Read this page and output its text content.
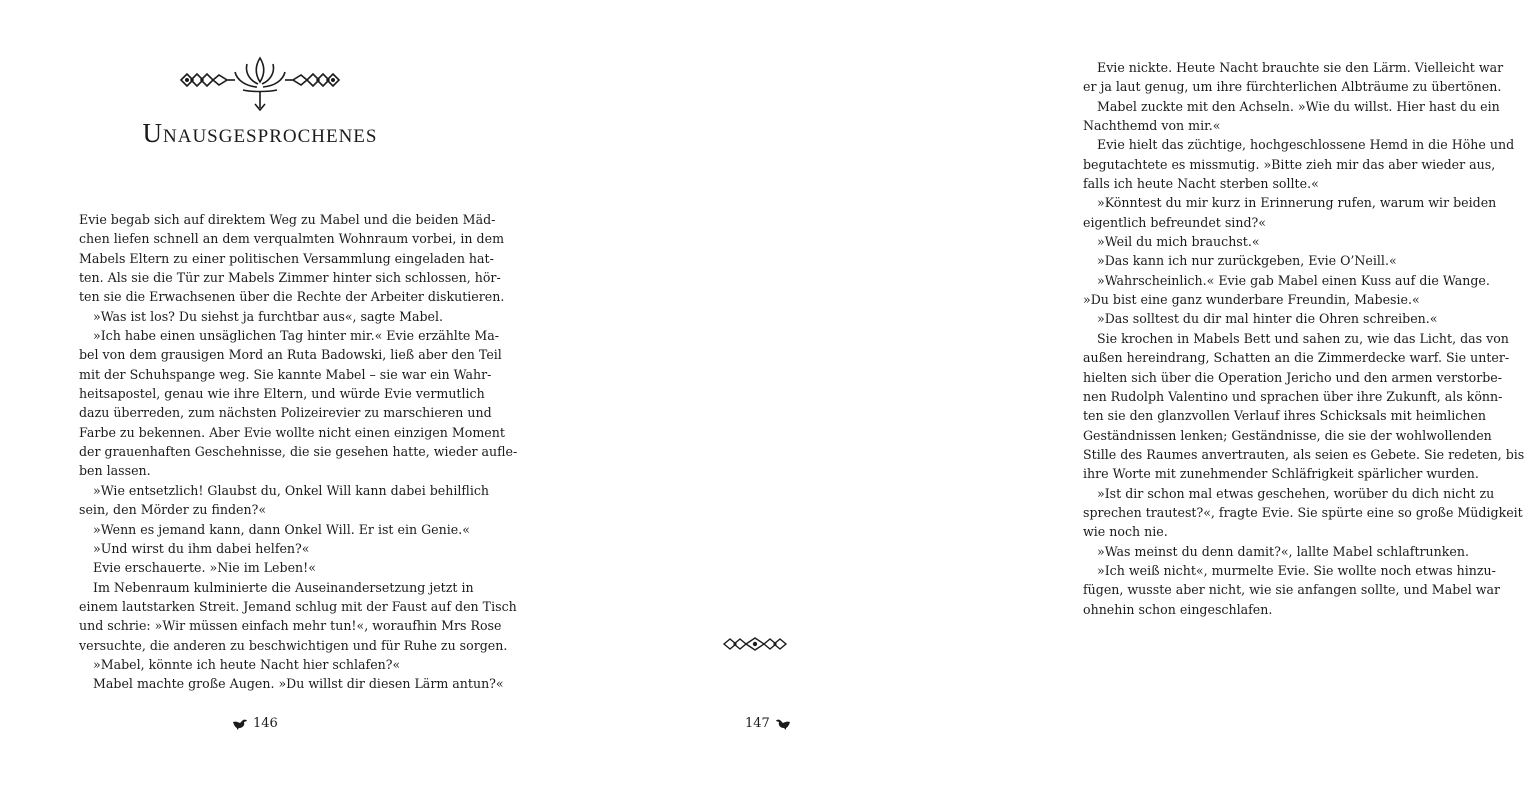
Unausgesprochenes
Evie begab sich auf direktem Weg zu Mabel und die beiden Mäd-
chen liefen schnell an dem verqualmten Wohnraum vorbei, in dem
Mabels Eltern zu einer politischen Versammlung eingeladen hat-
ten. Als sie die Tür zur Mabels Zimmer hinter sich schlossen, hör-
ten sie die Erwachsenen über die Rechte der Arbeiter diskutieren.
»Was ist los? Du siehst ja furchtbar aus«, sagte Mabel.
»Ich habe einen unsäglichen Tag hinter mir.« Evie erzählte Ma-
bel von dem grausigen Mord an Ruta Badowski, ließ aber den Teil
mit der Schuhspange weg. Sie kannte Mabel – sie war ein Wahr-
heitsapostel, genau wie ihre Eltern, und würde Evie vermutlich
dazu überreden, zum nächsten Polizeirevier zu marschieren und
Farbe zu bekennen. Aber Evie wollte nicht einen einzigen Moment
der grauenhaften Geschehnisse, die sie gesehen hatte, wieder aufle-
ben lassen.
»Wie entsetzlich! Glaubst du, Onkel Will kann dabei behilflich
sein, den Mörder zu finden?«
»Wenn es jemand kann, dann Onkel Will. Er ist ein Genie.«
»Und wirst du ihm dabei helfen?«
Evie erschauerte. »Nie im Leben!«
Im Nebenraum kulminierte die Auseinandersetzung jetzt in
einem lautstarken Streit. Jemand schlug mit der Faust auf den Tisch
und schrie: »Wir müssen einfach mehr tun!«, woraufhin Mrs Rose
versuchte, die anderen zu beschwichtigen und für Ruhe zu sorgen.
»Mabel, könnte ich heute Nacht hier schlafen?«
Mabel machte große Augen. »Du willst dir diesen Lärm antun?«
146
Evie nickte. Heute Nacht brauchte sie den Lärm. Vielleicht war
er ja laut genug, um ihre fürchterlichen Albträume zu übertönen.
Mabel zuckte mit den Achseln. »Wie du willst. Hier hast du ein
Nachthemd von mir.«
Evie hielt das züchtige, hochgeschlossene Hemd in die Höhe und
begutachtete es missmutig. »Bitte zieh mir das aber wieder aus,
falls ich heute Nacht sterben sollte.«
»Könntest du mir kurz in Erinnerung rufen, warum wir beiden
eigentlich befreundet sind?«
»Weil du mich brauchst.«
»Das kann ich nur zurückgeben, Evie O’Neill.«
»Wahrscheinlich.« Evie gab Mabel einen Kuss auf die Wange.
»Du bist eine ganz wunderbare Freundin, Mabesie.«
»Das solltest du dir mal hinter die Ohren schreiben.«
Sie krochen in Mabels Bett und sahen zu, wie das Licht, das von
außen hereindrang, Schatten an die Zimmerdecke warf. Sie unter-
hielten sich über die Operation Jericho und den armen verstorbe-
nen Rudolph Valentino und sprachen über ihre Zukunft, als könn-
ten sie den glanzvollen Verlauf ihres Schicksals mit heimlichen
Geständnissen lenken; Geständnisse, die sie der wohlwollenden
Stille des Raumes anvertrauten, als seien es Gebete. Sie redeten, bis
ihre Worte mit zunehmender Schläfrigkeit spärlicher wurden.
»Ist dir schon mal etwas geschehen, worüber du dich nicht zu
sprechen trautest?«, fragte Evie. Sie spürte eine so große Müdigkeit
wie noch nie.
»Was meinst du denn damit?«, lallte Mabel schlaftrunken.
»Ich weiß nicht«, murmelte Evie. Sie wollte noch etwas hinzu-
fügen, wusste aber nicht, wie sie anfangen sollte, und Mabel war
ohnehin schon eingeschlafen.
147
